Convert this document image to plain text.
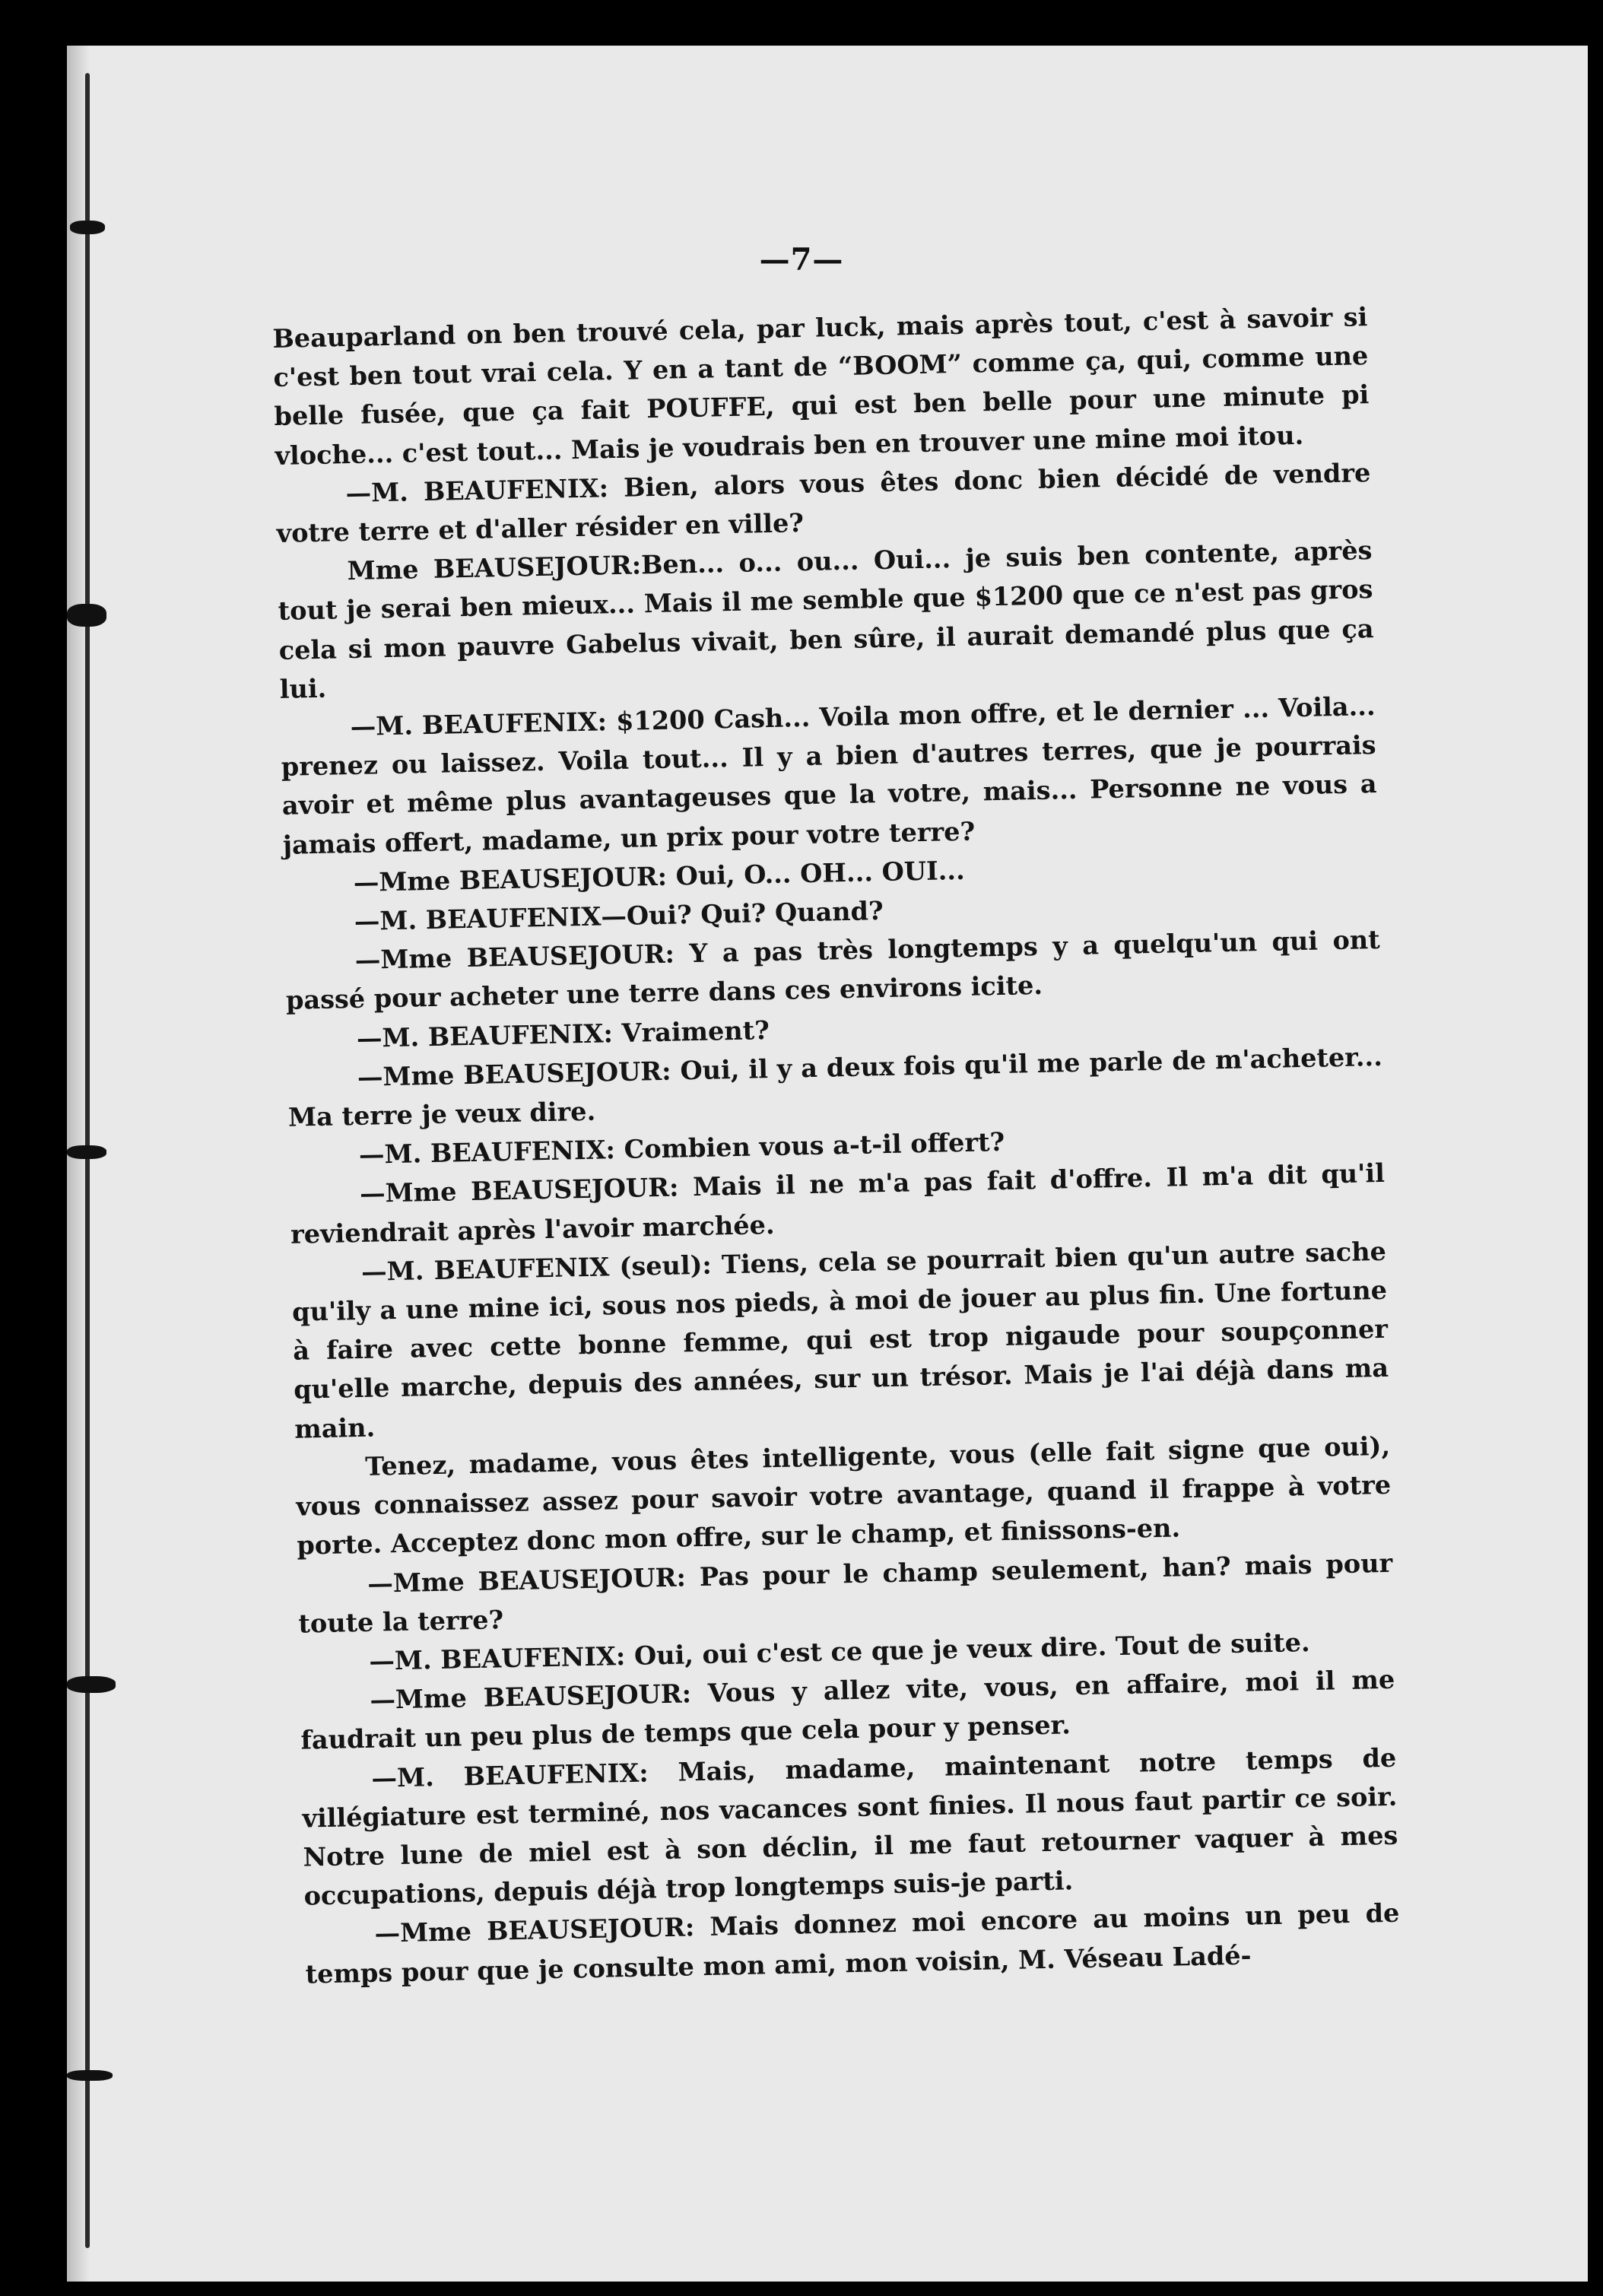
—7—

Beauparland on ben trouvé cela, par luck, mais après tout, c'est à savoir si c'est ben tout vrai cela. Y en a tant de “BOOM” comme ça, qui, comme une belle fusée, que ça fait POUFFE, qui est ben belle pour une minute pi vloche... c'est tout... Mais je voudrais ben en trouver une mine moi itou.

—M. BEAUFENIX: Bien, alors vous êtes donc bien décidé de vendre votre terre et d'aller résider en ville?

Mme BEAUSEJOUR:Ben... o... ou... Oui... je suis ben contente, après tout je serai ben mieux... Mais il me semble que $1200 que ce n'est pas gros cela si mon pauvre Gabelus vivait, ben sûre, il aurait demandé plus que ça lui.

—M. BEAUFENIX: $1200 Cash... Voila mon offre, et le dernier ... Voila... prenez ou laissez. Voila tout... Il y a bien d'autres terres, que je pourrais avoir et même plus avantageuses que la votre, mais... Personne ne vous a jamais offert, madame, un prix pour votre terre?

—Mme BEAUSEJOUR: Oui, O... OH... OUI...

—M. BEAUFENIX—Oui? Qui? Quand?

—Mme BEAUSEJOUR: Y a pas très longtemps y a quelqu'un qui ont passé pour acheter une terre dans ces environs icite.

—M. BEAUFENIX: Vraiment?

—Mme BEAUSEJOUR: Oui, il y a deux fois qu'il me parle de m'acheter... Ma terre je veux dire.

—M. BEAUFENIX: Combien vous a-t-il offert?

—Mme BEAUSEJOUR: Mais il ne m'a pas fait d'offre. Il m'a dit qu'il reviendrait après l'avoir marchée.

—M. BEAUFENIX (seul): Tiens, cela se pourrait bien qu'un autre sache qu'ily a une mine ici, sous nos pieds, à moi de jouer au plus fin. Une fortune à faire avec cette bonne femme, qui est trop nigaude pour soupçonner qu'elle marche, depuis des années, sur un trésor. Mais je l'ai déjà dans ma main.

Tenez, madame, vous êtes intelligente, vous (elle fait signe que oui), vous connaissez assez pour savoir votre avantage, quand il frappe à votre porte. Acceptez donc mon offre, sur le champ, et finissons-en.

—Mme BEAUSEJOUR: Pas pour le champ seulement, han? mais pour toute la terre?

—M. BEAUFENIX: Oui, oui c'est ce que je veux dire. Tout de suite.

—Mme BEAUSEJOUR: Vous y allez vite, vous, en affaire, moi il me faudrait un peu plus de temps que cela pour y penser.

—M. BEAUFENIX: Mais, madame, maintenant notre temps de villégiature est terminé, nos vacances sont finies. Il nous faut partir ce soir. Notre lune de miel est à son déclin, il me faut retourner vaquer à mes occupations, depuis déjà trop longtemps suis-je parti.

—Mme BEAUSEJOUR: Mais donnez moi encore au moins un peu de temps pour que je consulte mon ami, mon voisin, M. Véseau Ladé-
